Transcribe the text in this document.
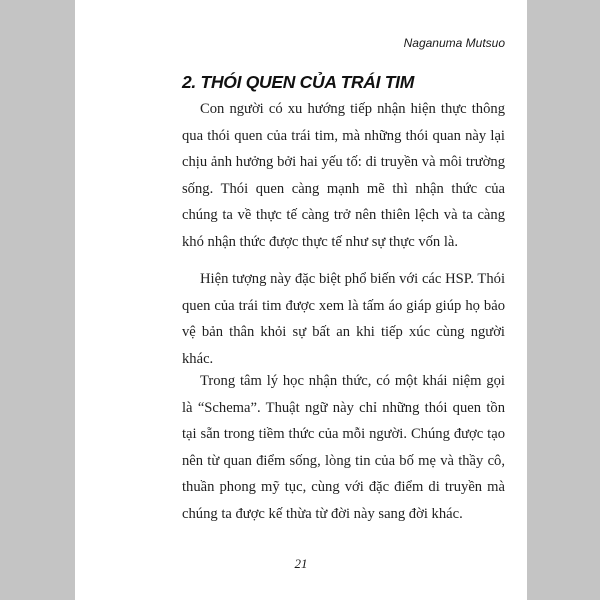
Naganuma Mutsuo

2. THÓI QUEN CỦA TRÁI TIM

Con người có xu hướng tiếp nhận hiện thực thông qua thói quen của trái tim, mà những thói quan này lại chịu ảnh hưởng bởi hai yếu tố: di truyền và môi trường sống. Thói quen càng mạnh mẽ thì nhận thức của chúng ta về thực tế càng trở nên thiên lệch và ta càng khó nhận thức được thực tế như sự thực vốn là.

Hiện tượng này đặc biệt phổ biến với các HSP. Thói quen của trái tim được xem là tấm áo giáp giúp họ bảo vệ bản thân khỏi sự bất an khi tiếp xúc cùng người khác.

Trong tâm lý học nhận thức, có một khái niệm gọi là “Schema”. Thuật ngữ này chỉ những thói quen tồn tại sẵn trong tiềm thức của mỗi người. Chúng được tạo nên từ quan điểm sống, lòng tin của bố mẹ và thầy cô, thuần phong mỹ tục, cùng với đặc điểm di truyền mà chúng ta được kế thừa từ đời này sang đời khác.

21
